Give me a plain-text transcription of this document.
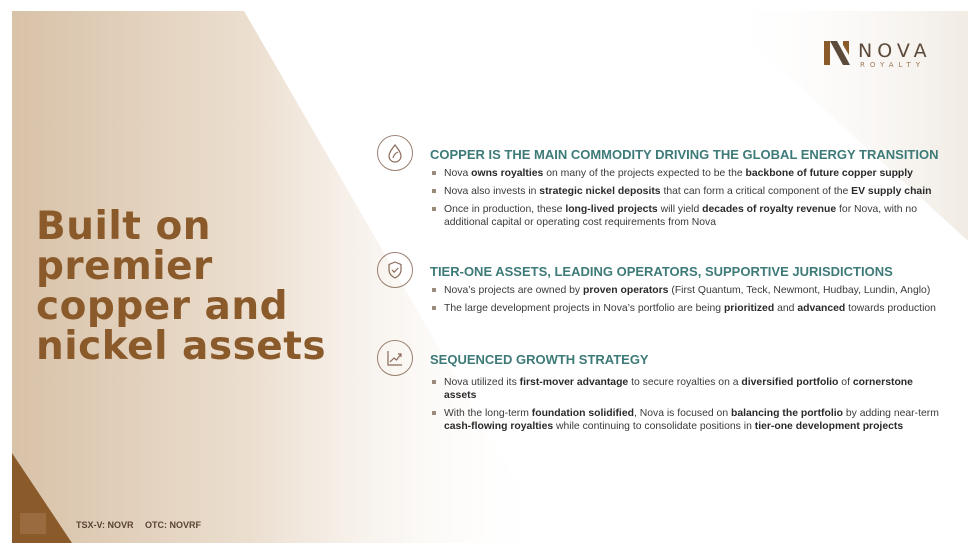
NOVA
ROYALTY
Built on premier copper and nickel assets
COPPER IS THE MAIN COMMODITY DRIVING THE GLOBAL ENERGY TRANSITION
Nova owns royalties on many of the projects expected to be the backbone of future copper supply
Nova also invests in strategic nickel deposits that can form a critical component of the EV supply chain
Once in production, these long-lived projects will yield decades of royalty revenue for Nova, with no additional capital or operating cost requirements from Nova
TIER-ONE ASSETS, LEADING OPERATORS, SUPPORTIVE JURISDICTIONS
Nova’s projects are owned by proven operators (First Quantum, Teck, Newmont, Hudbay, Lundin, Anglo)
The large development projects in Nova’s portfolio are being prioritized and advanced towards production
SEQUENCED GROWTH STRATEGY
Nova utilized its first-mover advantage to secure royalties on a diversified portfolio of cornerstone assets
With the long-term foundation solidified, Nova is focused on balancing the portfolio by adding near-term cash-flowing royalties while continuing to consolidate positions in tier-one development projects
TSX-V: NOVR OTC: NOVRF
